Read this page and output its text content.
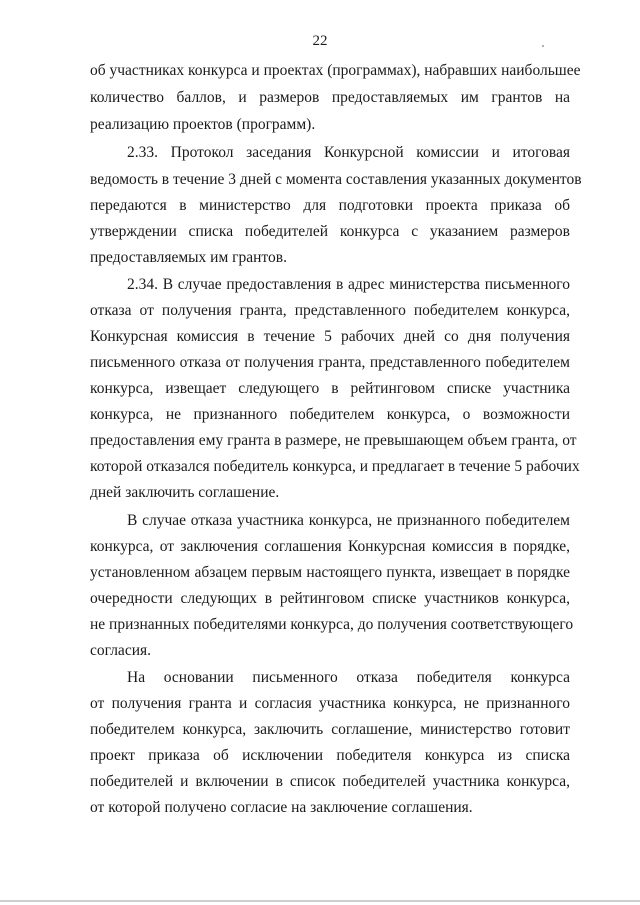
22
об участниках конкурса и проектах (программах), набравших наибольшее
количество баллов, и размеров предоставляемых им грантов на
реализацию проектов (программ).
2.33. Протокол заседания Конкурсной комиссии и итоговая
ведомость в течение 3 дней с момента составления указанных документов
передаются в министерство для подготовки проекта приказа об
утверждении списка победителей конкурса с указанием размеров
предоставляемых им грантов.
2.34. В случае предоставления в адрес министерства письменного
отказа от получения гранта, представленного победителем конкурса,
Конкурсная комиссия в течение 5 рабочих дней со дня получения
письменного отказа от получения гранта, представленного победителем
конкурса, извещает следующего в рейтинговом списке участника
конкурса, не признанного победителем конкурса, о возможности
предоставления ему гранта в размере, не превышающем объем гранта, от
которой отказался победитель конкурса, и предлагает в течение 5 рабочих
дней заключить соглашение.
В случае отказа участника конкурса, не признанного победителем
конкурса, от заключения соглашения Конкурсная комиссия в порядке,
установленном абзацем первым настоящего пункта, извещает в порядке
очередности следующих в рейтинговом списке участников конкурса,
не признанных победителями конкурса, до получения соответствующего
согласия.
На основании письменного отказа победителя конкурса
от получения гранта и согласия участника конкурса, не признанного
победителем конкурса, заключить соглашение, министерство готовит
проект приказа об исключении победителя конкурса из списка
победителей и включении в список победителей участника конкурса,
от которой получено согласие на заключение соглашения.
